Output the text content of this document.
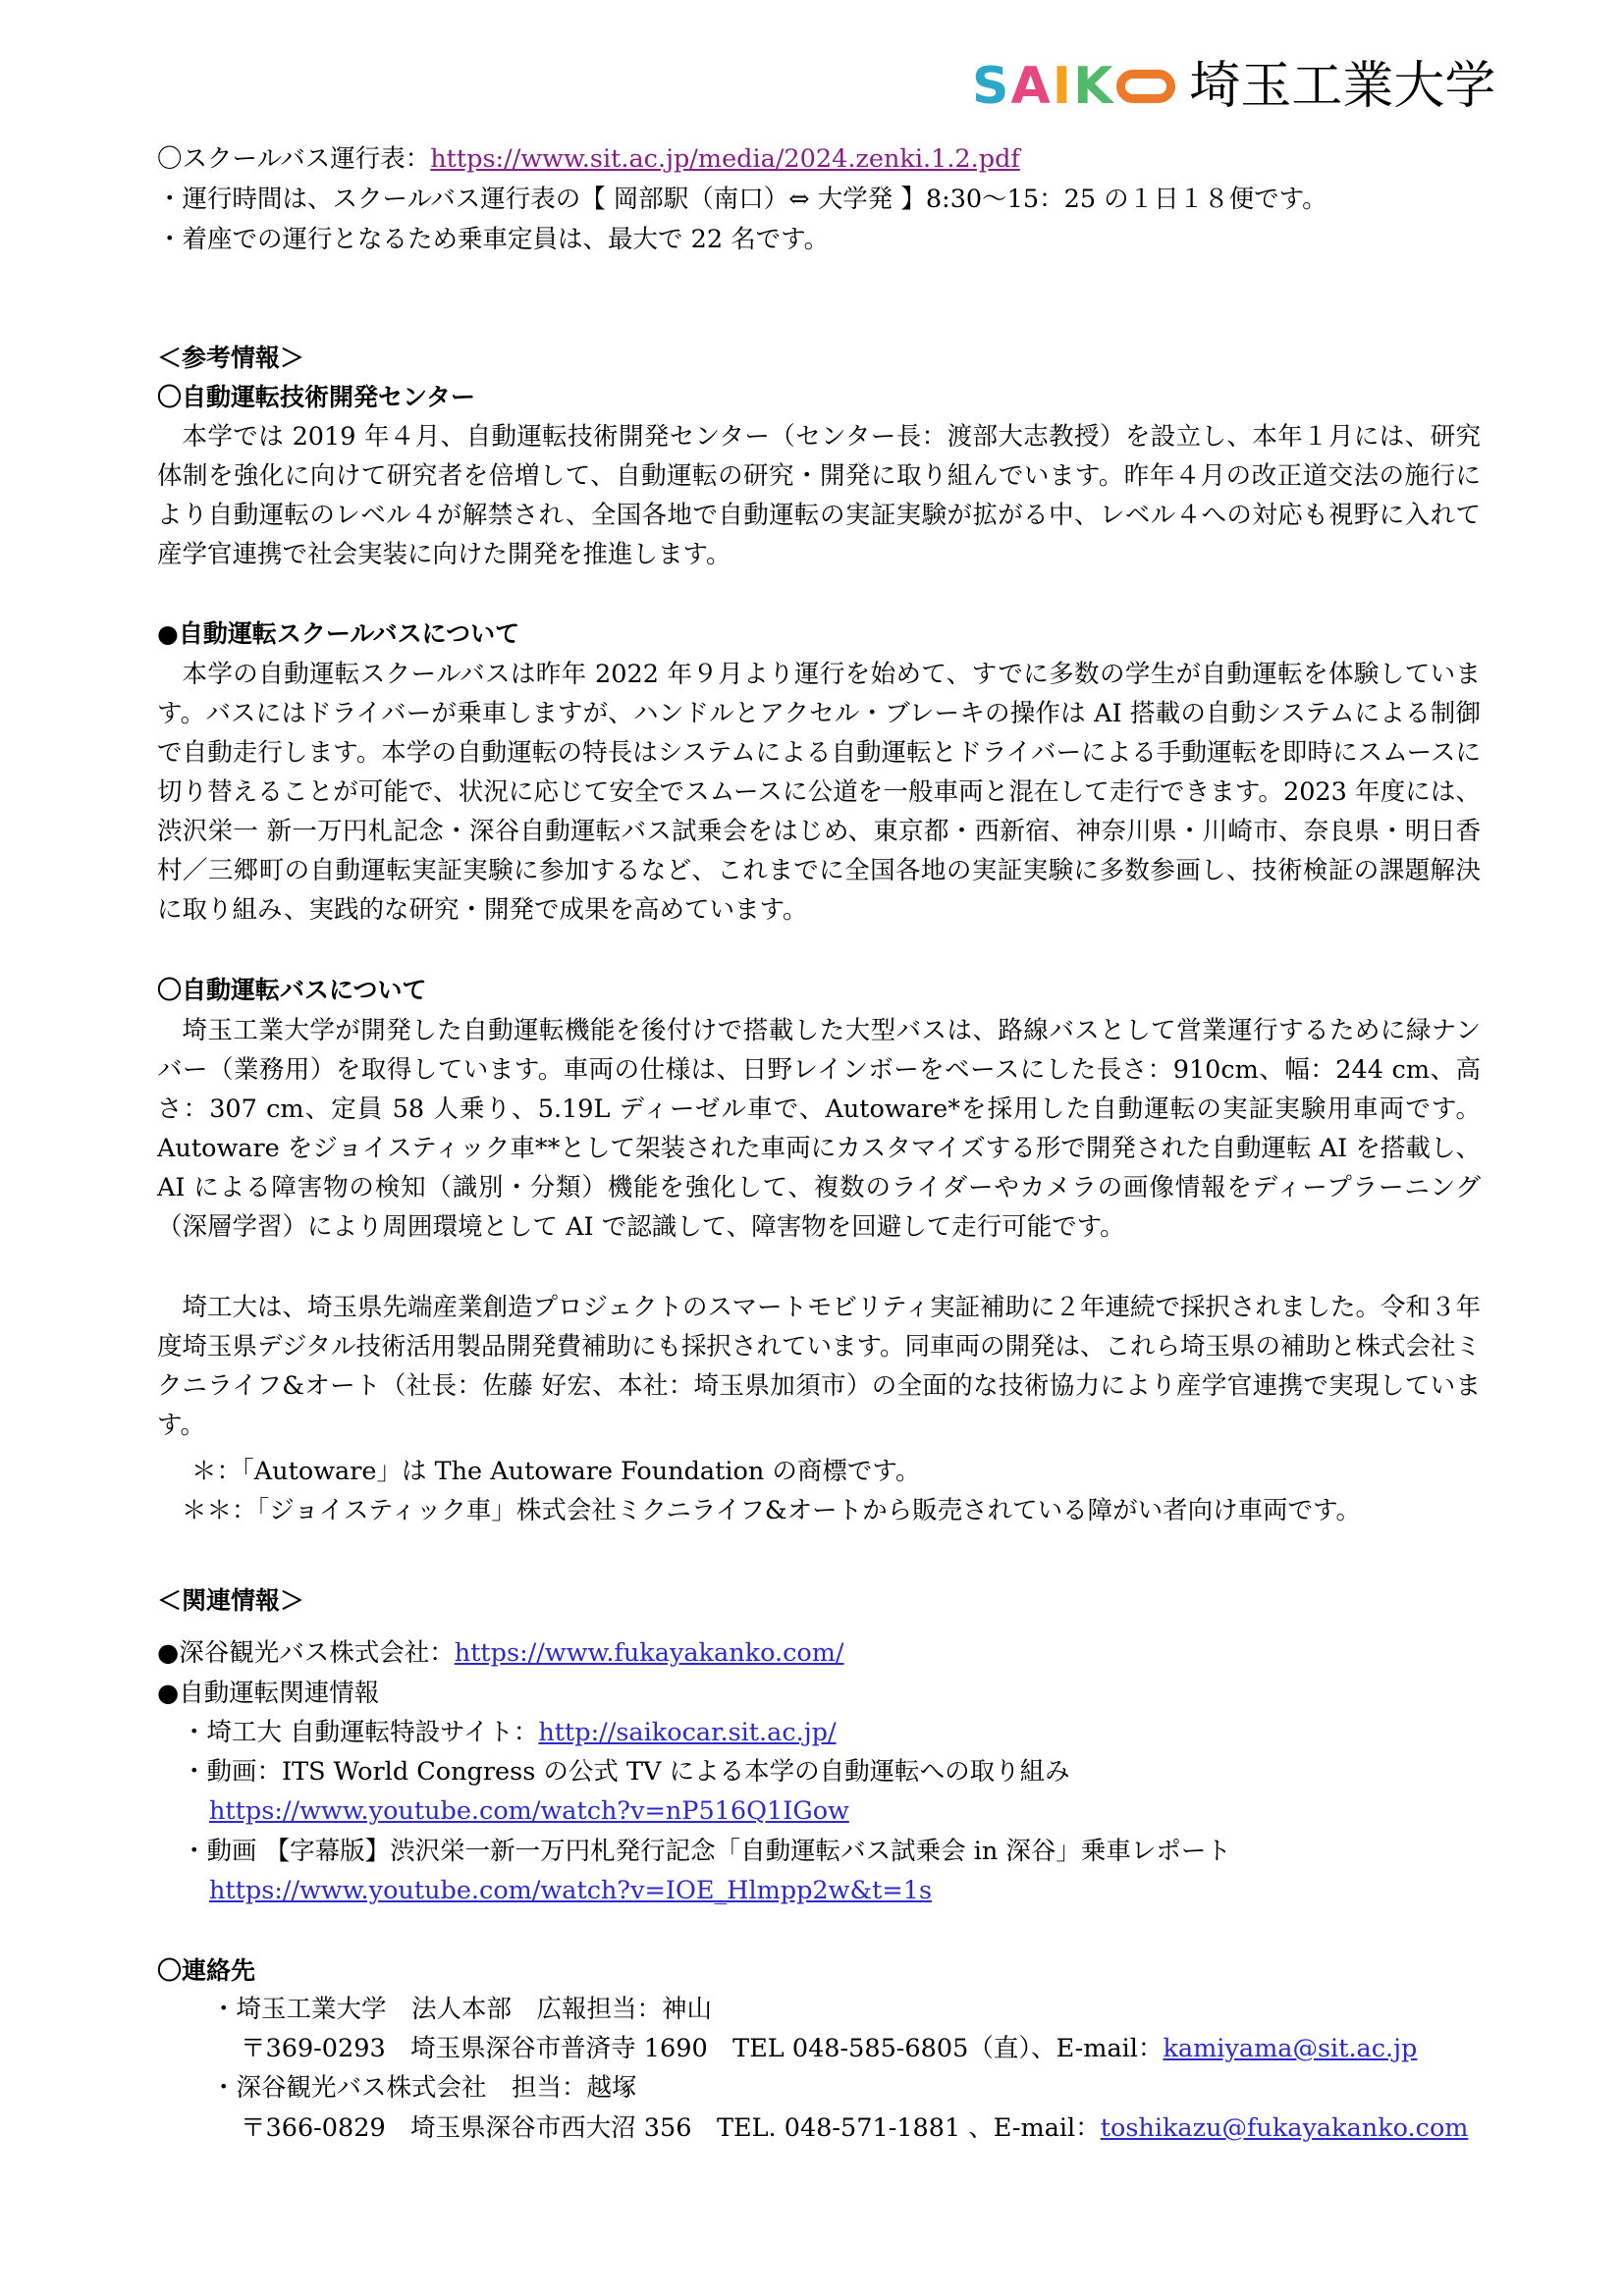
SAIK	埼玉工業大学
〇スクールバス運行表：https://www.sit.ac.jp/media/2024.zenki.1.2.pdf
・運行時間は、スクールバス運行表の【 岡部駅（南口）⇔ 大学発 】8:30～15：25 の１日１８便です。
・着座での運行となるため乗車定員は、最大で 22 名です。
＜参考情報＞
〇自動運転技術開発センター
本学では 2019 年４月、自動運転技術開発センター（センター長：渡部大志教授）を設立し、本年１月には、研究体制を強化に向けて研究者を倍増して、自動運転の研究・開発に取り組んでいます。昨年４月の改正道交法の施行により自動運転のレベル４が解禁され、全国各地で自動運転の実証実験が拡がる中、レベル４への対応も視野に入れて産学官連携で社会実装に向けた開発を推進します。
●自動運転スクールバスについて
本学の自動運転スクールバスは昨年 2022 年９月より運行を始めて、すでに多数の学生が自動運転を体験しています。バスにはドライバーが乗車しますが、ハンドルとアクセル・ブレーキの操作は AI 搭載の自動システムによる制御で自動走行します。本学の自動運転の特長はシステムによる自動運転とドライバーによる手動運転を即時にスムースに切り替えることが可能で、状況に応じて安全でスムースに公道を一般車両と混在して走行できます。2023 年度には、渋沢栄一 新一万円札記念・深谷自動運転バス試乗会をはじめ、東京都・西新宿、神奈川県・川崎市、奈良県・明日香村／三郷町の自動運転実証実験に参加するなど、これまでに全国各地の実証実験に多数参画し、技術検証の課題解決に取り組み、実践的な研究・開発で成果を高めています。
〇自動運転バスについて
埼玉工業大学が開発した自動運転機能を後付けで搭載した大型バスは、路線バスとして営業運行するために緑ナンバー（業務用）を取得しています。車両の仕様は、日野レインボーをベースにした長さ：910cm、幅：244 cm、高さ：307 cm、定員 58 人乗り、5.19L ディーゼル車で、Autoware*を採用した自動運転の実証実験用車両です。Autoware をジョイスティック車**として架装された車両にカスタマイズする形で開発された自動運転 AI を搭載し、AI による障害物の検知（識別・分類）機能を強化して、複数のライダーやカメラの画像情報をディープラーニング（深層学習）により周囲環境として AI で認識して、障害物を回避して走行可能です。
埼工大は、埼玉県先端産業創造プロジェクトのスマートモビリティ実証補助に２年連続で採択されました。令和３年度埼玉県デジタル技術活用製品開発費補助にも採択されています。同車両の開発は、これら埼玉県の補助と株式会社ミクニライフ&オート（社長：佐藤 好宏、本社：埼玉県加須市）の全面的な技術協力により産学官連携で実現しています。
＊：「Autoware」は The Autoware Foundation の商標です。
＊＊：「ジョイスティック車」株式会社ミクニライフ&オートから販売されている障がい者向け車両です。
＜関連情報＞
●深谷観光バス株式会社：https://www.fukayakanko.com/
●自動運転関連情報
・埼工大 自動運転特設サイト：http://saikocar.sit.ac.jp/
・動画：ITS World Congress の公式 TV による本学の自動運転への取り組み
https://www.youtube.com/watch?v=nP516Q1IGow
・動画 【字幕版】渋沢栄一新一万円札発行記念「自動運転バス試乗会 in 深谷」乗車レポート
https://www.youtube.com/watch?v=IOE_Hlmpp2w&t=1s
〇連絡先
・埼玉工業大学　法人本部　広報担当：神山
〒369-0293　埼玉県深谷市普済寺 1690　TEL 048-585-6805（直）、E-mail：kamiyama@sit.ac.jp
・深谷観光バス株式会社　担当：越塚
〒366-0829　埼玉県深谷市西大沼 356　TEL. 048-571-1881 、E-mail：toshikazu@fukayakanko.com
